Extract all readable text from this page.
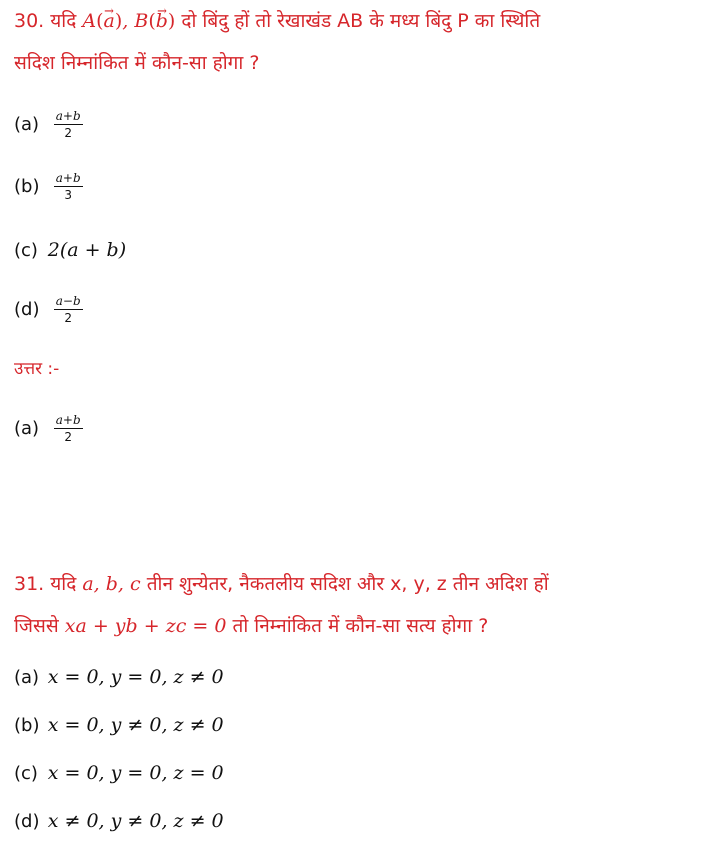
30. यदि A(→ a), B(→ b) दो बिंदु हों तो रेखाखंड AB के मध्य बिंदु P का स्थिति
सदिश निम्नांकित में कौन-सा होगा ?
$(a) \frac{a+b}{2}$
$(b) \frac{a+b}{3}$
(c) 2(a + b)
$(d) \frac{a-b}{2}$
उत्तर :-
$(a) \frac{a+b}{2}$
31. यदि a, b, c तीन शुन्येतर, नैकतलीय सदिश और x, y, z तीन अदिश हों
जिससे xa + yb + zc = 0 तो निम्नांकित में कौन-सा सत्य होगा ?
(a) x = 0, y = 0, z ≠ 0
(b) x = 0, y ≠ 0, z ≠ 0
(c) x = 0, y = 0, z = 0
(d) x ≠ 0, y ≠ 0, z ≠ 0
